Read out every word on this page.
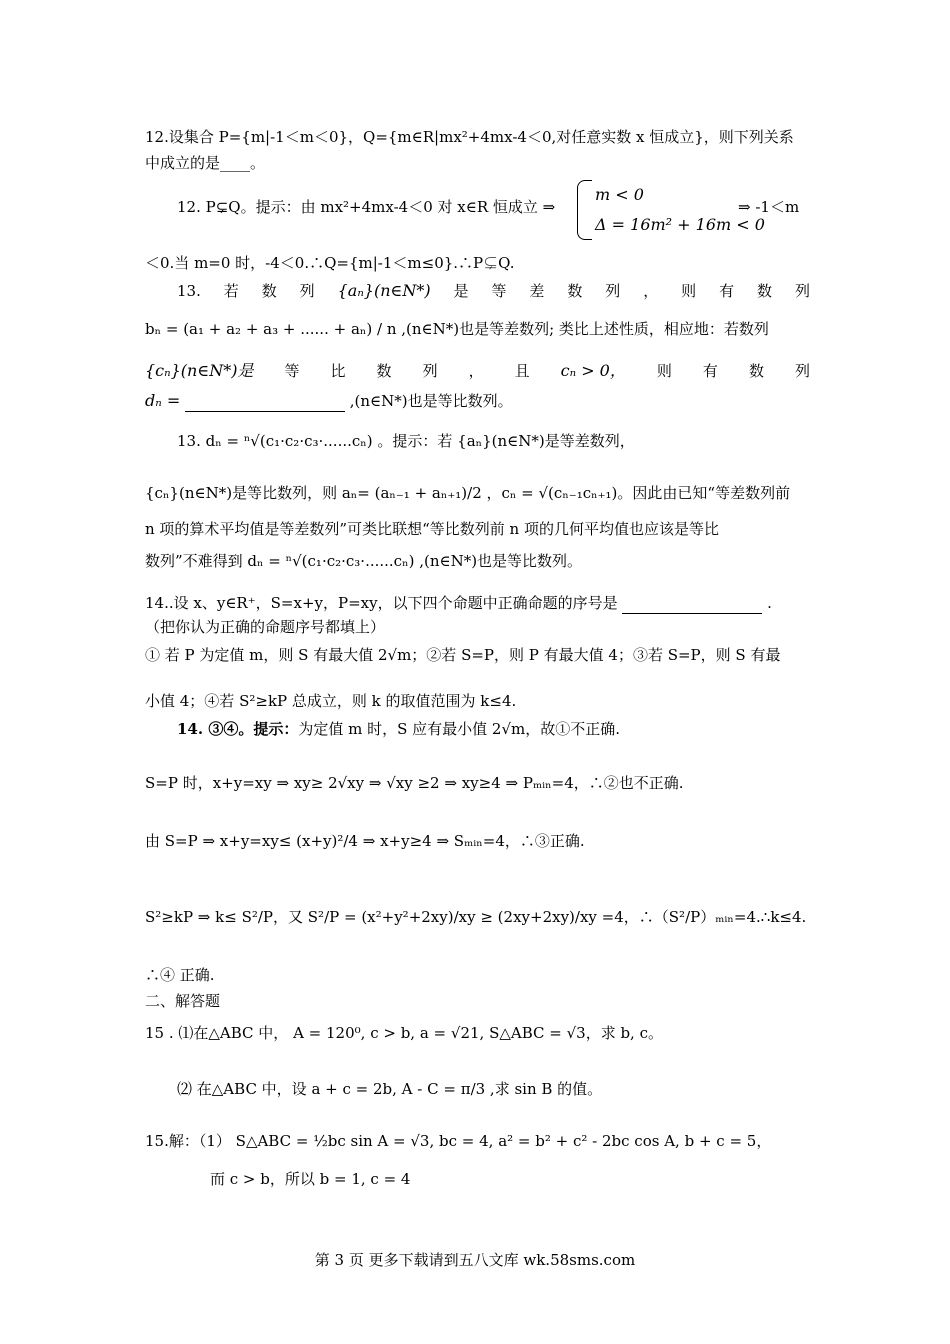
12.设集合 P={m|-1＜m＜0}，Q={m∈R|mx²+4mx-4＜0,对任意实数 x 恒成立}，则下列关系
中成立的是____。
12. P⊊Q。提示：由 mx²+4mx-4＜0 对 x∈R 恒成立 ⇒
m < 0
Δ = 16m² + 16m < 0
⇒ -1＜m
＜0.当 m=0 时，-4＜0.∴Q={m|-1＜m≤0}.∴P⊊Q.
13. 若 数 列 {aₙ}(n∈N*) 是 等 差 数 列 ， 则 有 数 列
bₙ = (a₁ + a₂ + a₃ + ...... + aₙ) / n ,(n∈N*)也是等差数列; 类比上述性质，相应地：若数列
{cₙ}(n∈N*)是 等 比 数 列 ， 且 cₙ > 0， 则 有 数 列
dₙ =	,(n∈N*)也是等比数列。
13. dₙ = ⁿ√(c₁·c₂·c₃·......cₙ) 。提示：若 {aₙ}(n∈N*)是等差数列，
{cₙ}(n∈N*)是等比数列，则 aₙ= (aₙ₋₁ + aₙ₊₁)/2 ，cₙ = √(cₙ₋₁cₙ₊₁)。因此由已知“等差数列前
n 项的算术平均值是等差数列”可类比联想“等比数列前 n 项的几何平均值也应该是等比
数列”不难得到 dₙ = ⁿ√(c₁·c₂·c₃·......cₙ) ,(n∈N*)也是等比数列。
14..设 x、y∈R⁺，S=x+y，P=xy，以下四个命题中正确命题的序号是	.
（把你认为正确的命题序号都填上）
① 若 P 为定值 m，则 S 有最大值 2√m；②若 S=P，则 P 有最大值 4；③若 S=P，则 S 有最
小值 4；④若 S²≥kP 总成立，则 k 的取值范围为 k≤4.
14. ③④。提示：为定值 m 时，S 应有最小值 2√m，故①不正确.
S=P 时，x+y=xy ⇒ xy≥ 2√xy ⇒ √xy ≥2 ⇒ xy≥4 ⇒ Pₘᵢₙ=4，∴②也不正确.
由 S=P ⇒ x+y=xy≤ (x+y)²/4 ⇒ x+y≥4 ⇒ Sₘᵢₙ=4，∴③正确.
S²≥kP ⇒ k≤ S²/P，又 S²/P = (x²+y²+2xy)/xy ≥ (2xy+2xy)/xy =4，∴（S²/P）ₘᵢₙ=4.∴k≤4.
∴④ 正确.
二、解答题
15 . ⑴在△ABC 中， A = 120⁰, c > b, a = √21, S△ABC = √3，求 b, c。
⑵ 在△ABC 中，设 a + c = 2b, A - C = π/3 ,求 sin B 的值。
15.解：（1） S△ABC = ½bc sin A = √3, bc = 4, a² = b² + c² - 2bc cos A, b + c = 5，
而 c > b，所以 b = 1, c = 4
第 3 页 更多下载请到五八文库 wk.58sms.com
